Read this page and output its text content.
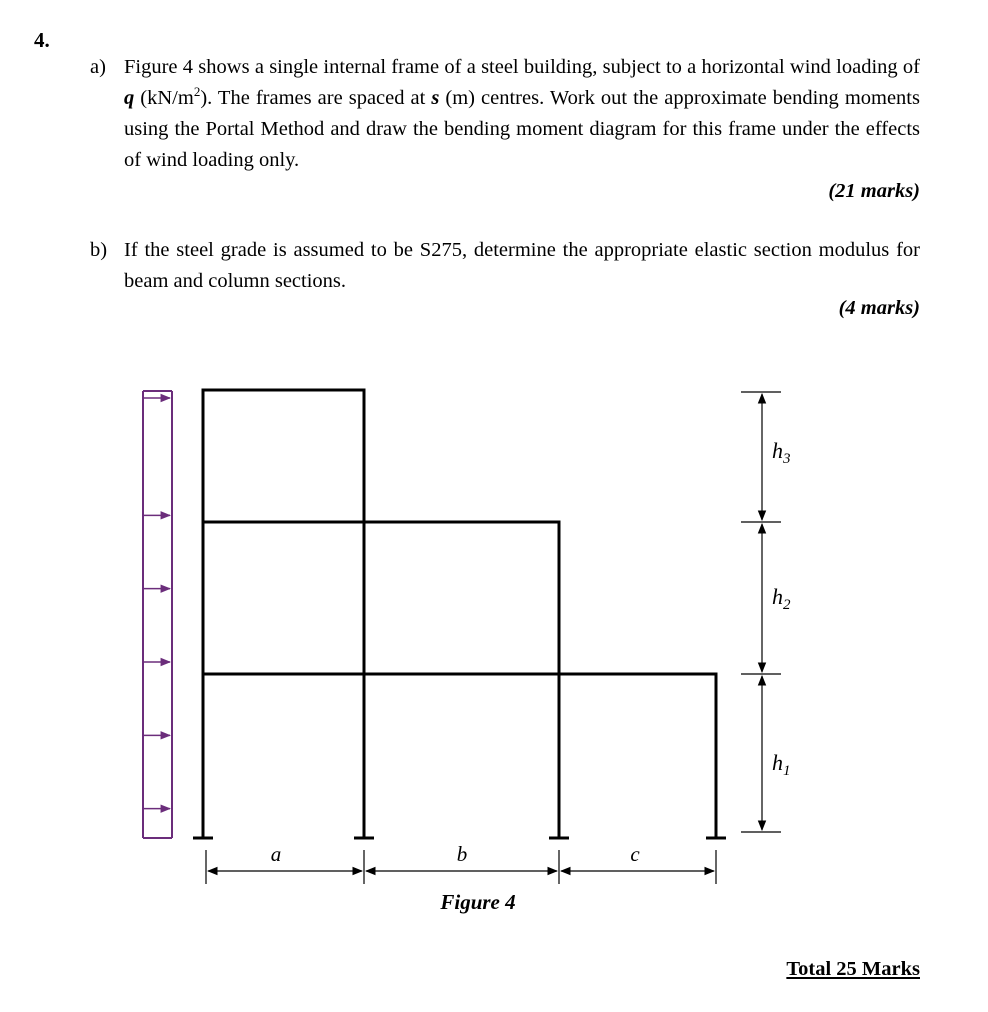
4.
a) Figure 4 shows a single internal frame of a steel building, subject to a horizontal wind loading of q $(kN/m^2)$. The frames are spaced at s (m) centres. Work out the approximate bending moments using the Portal Method and draw the bending moment diagram for this frame under the effects of wind loading only.
(21 marks)
b) If the steel grade is assumed to be S275, determine the appropriate elastic section modulus for beam and column sections.
(4 marks)
a	b	c
$h_3$
$h_2$
$h_1$
Figure 4
Total 25 Marks
